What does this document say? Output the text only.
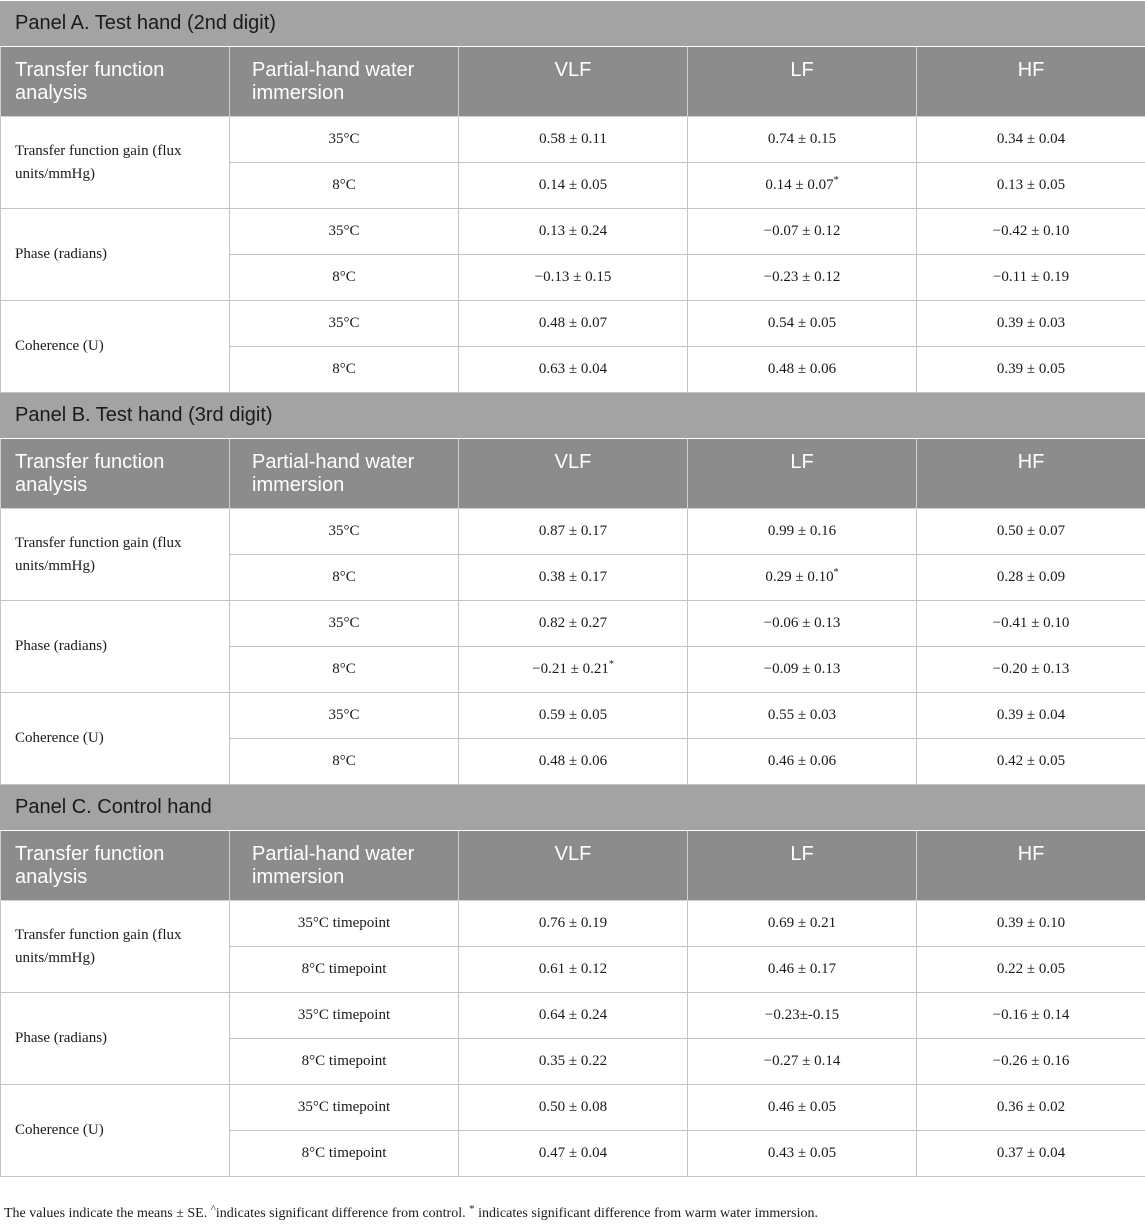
Panel A. Test hand (2nd digit)				
Transfer function analysis	Partial-hand water immersion	VLF	LF	HF
Transfer function gain (flux units/mmHg)	35°C	0.58 ± 0.11	0.74 ± 0.15	0.34 ± 0.04
	8°C	0.14 ± 0.05	0.14 ± 0.07*	0.13 ± 0.05
Phase (radians)	35°C	0.13 ± 0.24	−0.07 ± 0.12	−0.42 ± 0.10
	8°C	−0.13 ± 0.15	−0.23 ± 0.12	−0.11 ± 0.19
Coherence (U)	35°C	0.48 ± 0.07	0.54 ± 0.05	0.39 ± 0.03
	8°C	0.63 ± 0.04	0.48 ± 0.06	0.39 ± 0.05
Panel B. Test hand (3rd digit)				
Transfer function analysis	Partial-hand water immersion	VLF	LF	HF
Transfer function gain (flux units/mmHg)	35°C	0.87 ± 0.17	0.99 ± 0.16	0.50 ± 0.07
	8°C	0.38 ± 0.17	0.29 ± 0.10*	0.28 ± 0.09
Phase (radians)	35°C	0.82 ± 0.27	−0.06 ± 0.13	−0.41 ± 0.10
	8°C	−0.21 ± 0.21*	−0.09 ± 0.13	−0.20 ± 0.13
Coherence (U)	35°C	0.59 ± 0.05	0.55 ± 0.03	0.39 ± 0.04
	8°C	0.48 ± 0.06	0.46 ± 0.06	0.42 ± 0.05
Panel C. Control hand				
Transfer function analysis	Partial-hand water immersion	VLF	LF	HF
Transfer function gain (flux units/mmHg)	35°C timepoint	0.76 ± 0.19	0.69 ± 0.21	0.39 ± 0.10
	8°C timepoint	0.61 ± 0.12	0.46 ± 0.17	0.22 ± 0.05
Phase (radians)	35°C timepoint	0.64 ± 0.24	−0.23±-0.15	−0.16 ± 0.14
	8°C timepoint	0.35 ± 0.22	−0.27 ± 0.14	−0.26 ± 0.16
Coherence (U)	35°C timepoint	0.50 ± 0.08	0.46 ± 0.05	0.36 ± 0.02
	8°C timepoint	0.47 ± 0.04	0.43 ± 0.05	0.37 ± 0.04
The values indicate the means ± SE. ^indicates significant difference from control. * indicates significant difference from warm water immersion.
